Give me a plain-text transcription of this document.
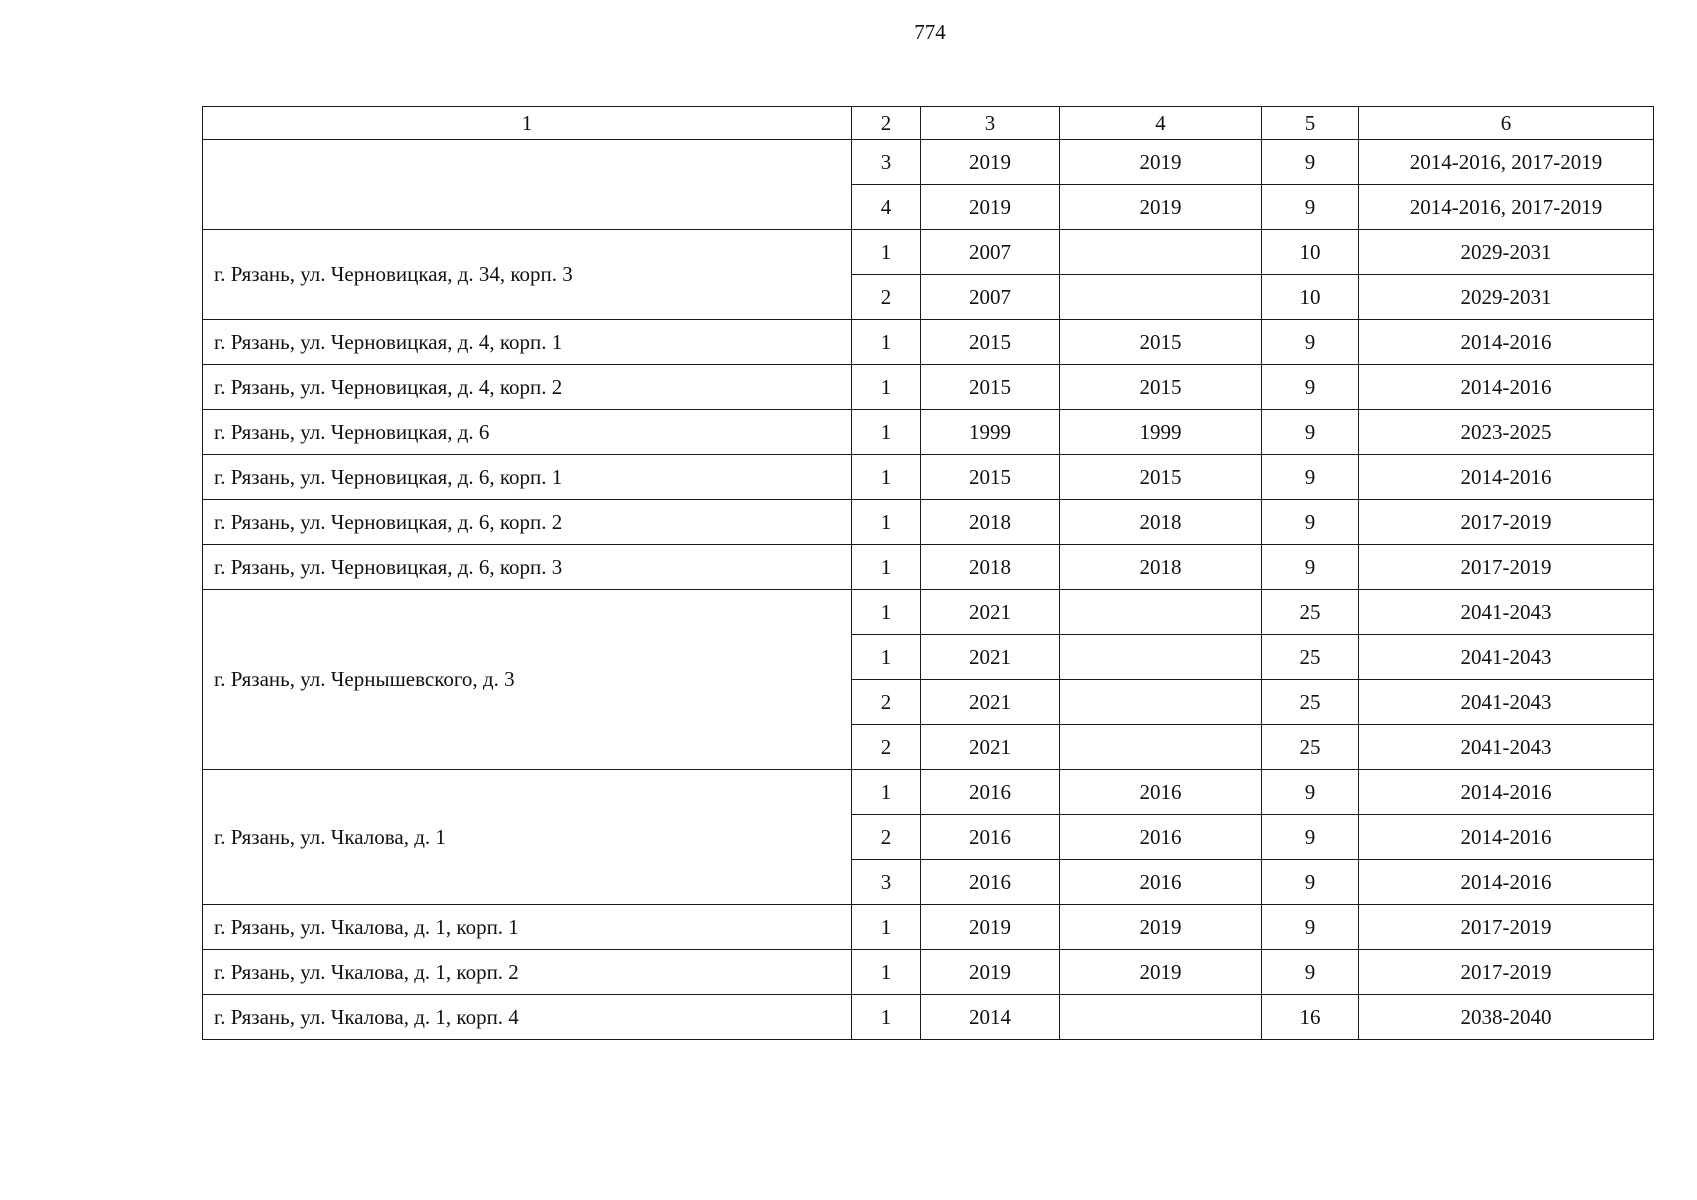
774
1	2	3	4	5	6
	3	2019	2019	9	2014-2016, 2017-2019
	4	2019	2019	9	2014-2016, 2017-2019
г. Рязань, ул. Черновицкая, д. 34, корп. 3	1	2007		10	2029-2031
	2	2007		10	2029-2031
г. Рязань, ул. Черновицкая, д. 4, корп. 1	1	2015	2015	9	2014-2016
г. Рязань, ул. Черновицкая, д. 4, корп. 2	1	2015	2015	9	2014-2016
г. Рязань, ул. Черновицкая, д. 6	1	1999	1999	9	2023-2025
г. Рязань, ул. Черновицкая, д. 6, корп. 1	1	2015	2015	9	2014-2016
г. Рязань, ул. Черновицкая, д. 6, корп. 2	1	2018	2018	9	2017-2019
г. Рязань, ул. Черновицкая, д. 6, корп. 3	1	2018	2018	9	2017-2019
г. Рязань, ул. Чернышевского, д. 3	1	2021		25	2041-2043
	1	2021		25	2041-2043
	2	2021		25	2041-2043
	2	2021		25	2041-2043
г. Рязань, ул. Чкалова, д. 1	1	2016	2016	9	2014-2016
	2	2016	2016	9	2014-2016
	3	2016	2016	9	2014-2016
г. Рязань, ул. Чкалова, д. 1, корп. 1	1	2019	2019	9	2017-2019
г. Рязань, ул. Чкалова, д. 1, корп. 2	1	2019	2019	9	2017-2019
г. Рязань, ул. Чкалова, д. 1, корп. 4	1	2014		16	2038-2040
